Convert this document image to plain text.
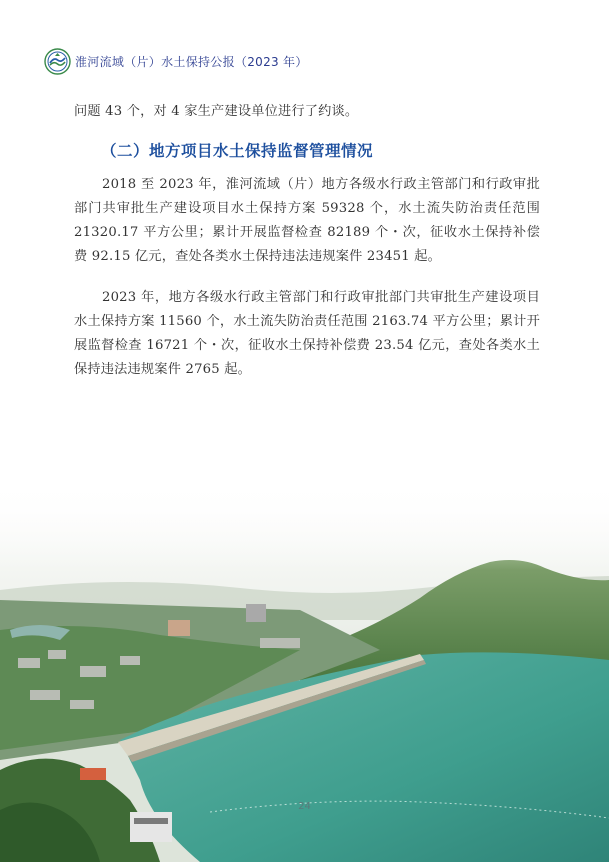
淮河流域（片）水土保持公报（2023 年）

问题 43 个，对 4 家生产建设单位进行了约谈。

（二）地方项目水土保持监督管理情况

2018 至 2023 年，淮河流域（片）地方各级水行政主管部门和行政审批部门共审批生产建设项目水土保持方案 59328 个，水土流失防治责任范围 21320.17 平方公里；累计开展监督检查 82189 个・次，征收水土保持补偿费 92.15 亿元，查处各类水土保持违法违规案件 23451 起。

2023 年，地方各级水行政主管部门和行政审批部门共审批生产建设项目水土保持方案 11560 个，水土流失防治责任范围 2163.74 平方公里；累计开展监督检查 16721 个・次，征收水土保持补偿费 23.54 亿元，查处各类水土保持违法违规案件 2765 起。

24
